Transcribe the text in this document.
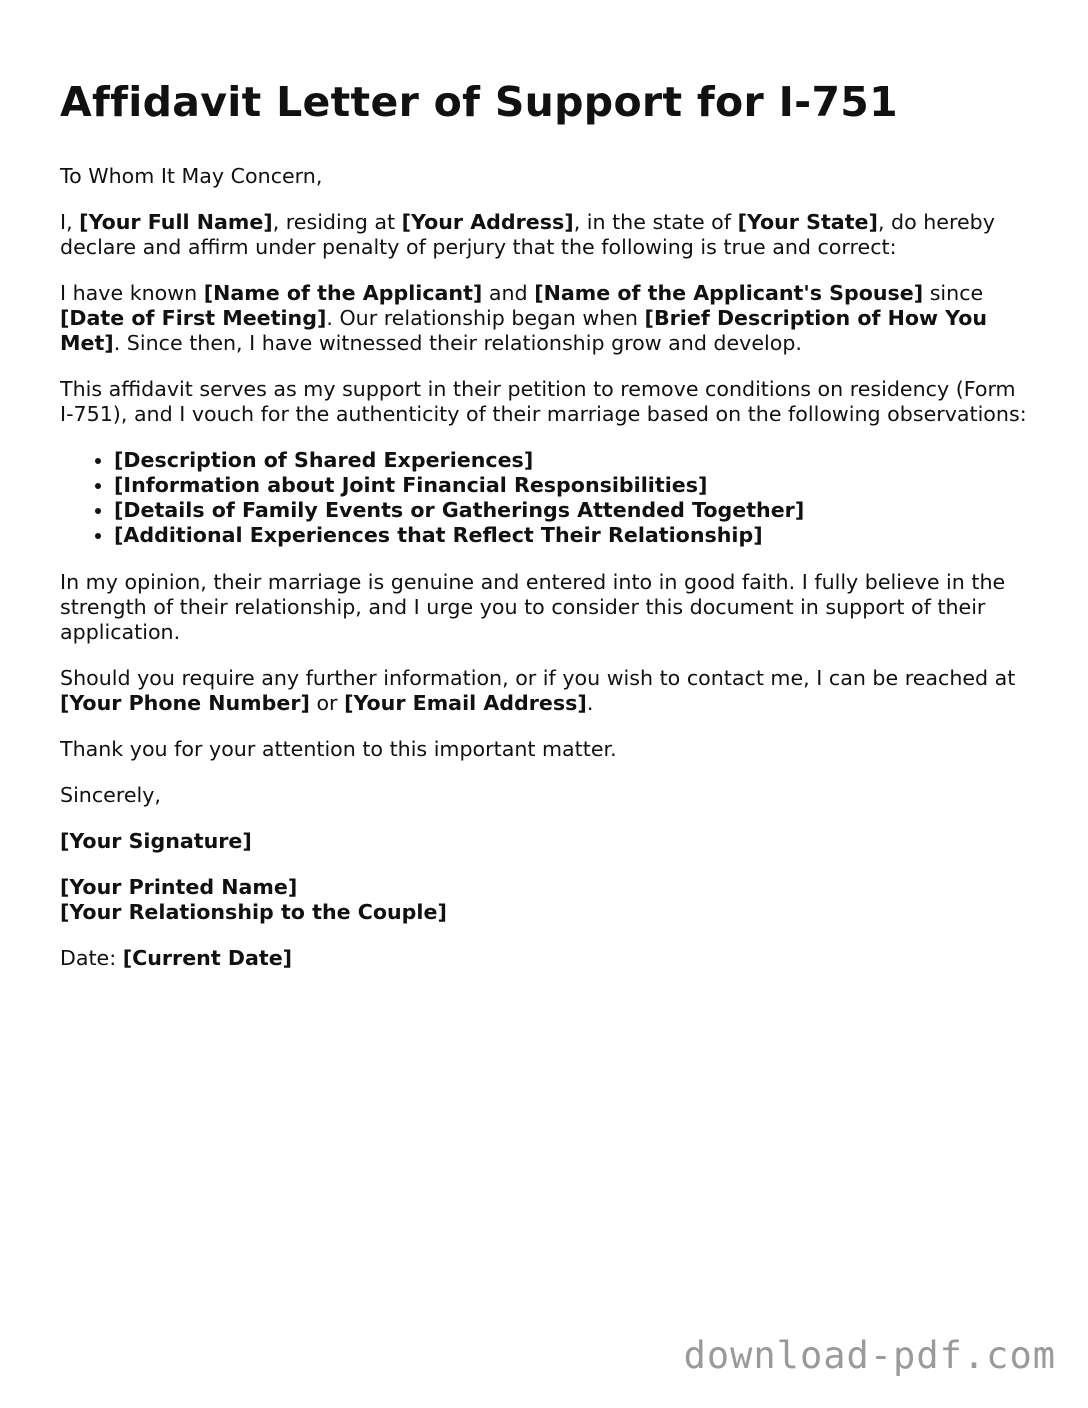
Affidavit Letter of Support for I-751

To Whom It May Concern,

I, [Your Full Name], residing at [Your Address], in the state of [Your State], do hereby declare and affirm under penalty of perjury that the following is true and correct:

I have known [Name of the Applicant] and [Name of the Applicant's Spouse] since [Date of First Meeting]. Our relationship began when [Brief Description of How You Met]. Since then, I have witnessed their relationship grow and develop.

This affidavit serves as my support in their petition to remove conditions on residency (Form I-751), and I vouch for the authenticity of their marriage based on the following observations:

• [Description of Shared Experiences]
• [Information about Joint Financial Responsibilities]
• [Details of Family Events or Gatherings Attended Together]
• [Additional Experiences that Reflect Their Relationship]

In my opinion, their marriage is genuine and entered into in good faith. I fully believe in the strength of their relationship, and I urge you to consider this document in support of their application.

Should you require any further information, or if you wish to contact me, I can be reached at [Your Phone Number] or [Your Email Address].

Thank you for your attention to this important matter.

Sincerely,

[Your Signature]

[Your Printed Name]
[Your Relationship to the Couple]

Date: [Current Date]

download-pdf.com
